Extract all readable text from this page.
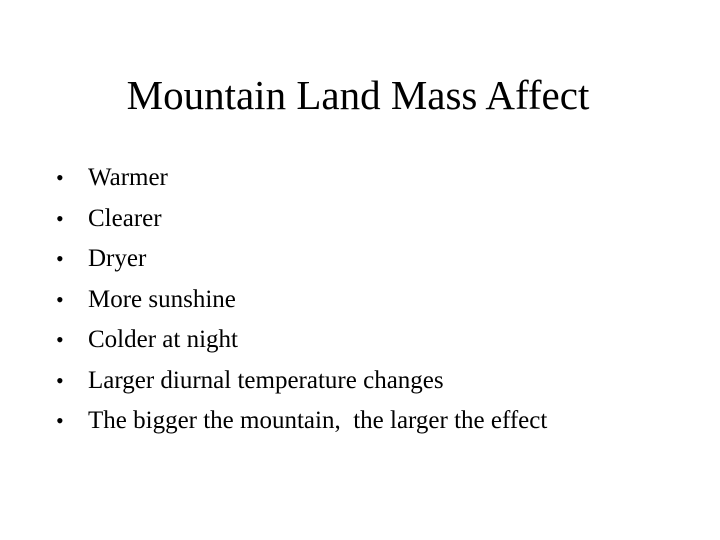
Mountain Land Mass Affect
• Warmer
• Clearer
• Dryer
• More sunshine
• Colder at night
• Larger diurnal temperature changes
• The bigger the mountain,  the larger the effect
